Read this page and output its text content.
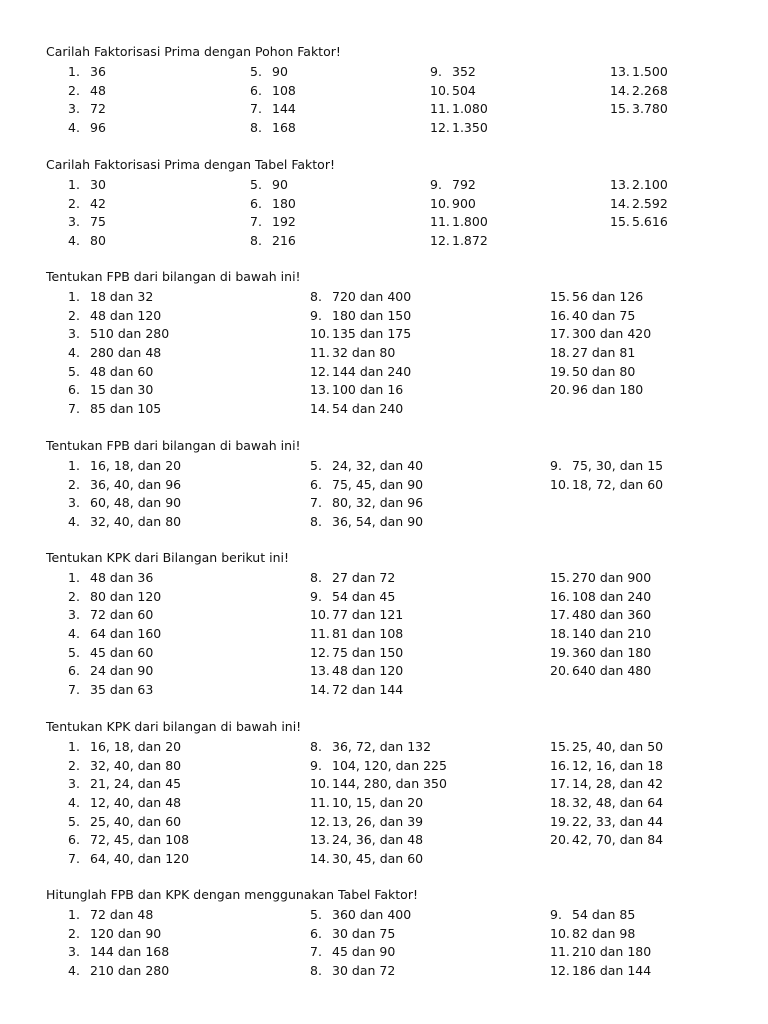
Carilah Faktorisasi Prima dengan Pohon Faktor!
1. 36
2. 48
3. 72
4. 96
5. 90
6. 108
7. 144
8. 168
9. 352
10. 504
11. 1.080
12. 1.350
13. 1.500
14. 2.268
15. 3.780
Carilah Faktorisasi Prima dengan Tabel Faktor!
1. 30
2. 42
3. 75
4. 80
5. 90
6. 180
7. 192
8. 216
9. 792
10. 900
11. 1.800
12. 1.872
13. 2.100
14. 2.592
15. 5.616
Tentukan FPB dari bilangan di bawah ini!
1. 18 dan 32
2. 48 dan 120
3. 510 dan 280
4. 280 dan 48
5. 48 dan 60
6. 15 dan 30
7. 85 dan 105
8. 720 dan 400
9. 180 dan 150
10. 135 dan 175
11. 32 dan 80
12. 144 dan 240
13. 100 dan 16
14. 54 dan 240
15. 56 dan 126
16. 40 dan 75
17. 300 dan 420
18. 27 dan 81
19. 50 dan 80
20. 96 dan 180
Tentukan FPB dari bilangan di bawah ini!
1. 16, 18, dan 20
2. 36, 40, dan 96
3. 60, 48, dan 90
4. 32, 40, dan 80
5. 24, 32, dan 40
6. 75, 45, dan 90
7. 80, 32, dan 96
8. 36, 54, dan 90
9. 75, 30, dan 15
10. 18, 72, dan 60
Tentukan KPK dari Bilangan berikut ini!
1. 48 dan 36
2. 80 dan 120
3. 72 dan 60
4. 64 dan 160
5. 45 dan 60
6. 24 dan 90
7. 35 dan 63
8. 27 dan 72
9. 54 dan 45
10. 77 dan 121
11. 81 dan 108
12. 75 dan 150
13. 48 dan 120
14. 72 dan 144
15. 270 dan 900
16. 108 dan 240
17. 480 dan 360
18. 140 dan 210
19. 360 dan 180
20. 640 dan 480
Tentukan KPK dari bilangan di bawah ini!
1. 16, 18, dan 20
2. 32, 40, dan 80
3. 21, 24, dan 45
4. 12, 40, dan 48
5. 25, 40, dan 60
6. 72, 45, dan 108
7. 64, 40, dan 120
8. 36, 72, dan 132
9. 104, 120, dan 225
10. 144, 280, dan 350
11. 10, 15, dan 20
12. 13, 26, dan 39
13. 24, 36, dan 48
14. 30, 45, dan 60
15. 25, 40, dan 50
16. 12, 16, dan 18
17. 14, 28, dan 42
18. 32, 48, dan 64
19. 22, 33, dan 44
20. 42, 70, dan 84
Hitunglah FPB dan KPK dengan menggunakan Tabel Faktor!
1. 72 dan 48
2. 120 dan 90
3. 144 dan 168
4. 210 dan 280
5. 360 dan 400
6. 30 dan 75
7. 45 dan 90
8. 30 dan 72
9. 54 dan 85
10. 82 dan 98
11. 210 dan 180
12. 186 dan 144
